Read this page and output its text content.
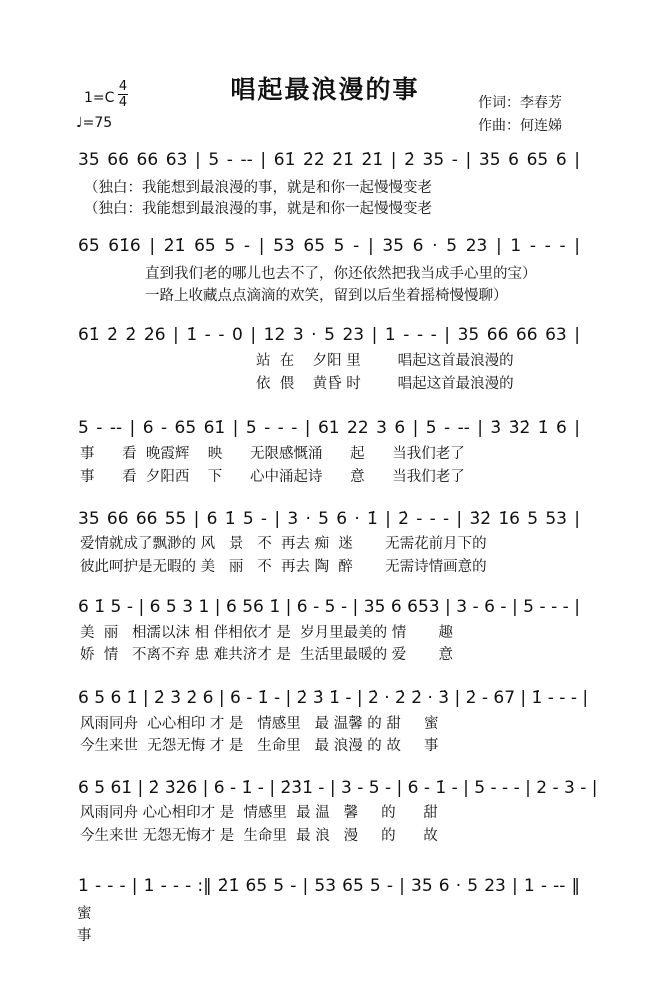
唱起最浪漫的事
1=C
4
4
♩=75
作词：李春芳
作曲：何连娣
35 66 66 63 | 5 - -- | 61̇ 2̇2̇ 2̇1̇ 2̇1̇ | 2̇ 35 - | 35 6 65 6 |
（独白：我能想到最浪漫的事，就是和你一起慢慢变老
（独白：我能想到最浪漫的事，就是和你一起慢慢变老
65 61̇6 | 2̇1̇ 65 5 - | 53 65 5 - | 35 6 · 5 23 | 1 - - - |
直到我们老的哪儿也去不了，你还依然把我当成手心里的宝）
一路上收藏点点滴滴的欢笑，留到以后坐着摇椅慢慢聊）
61̇ 2̇ 2̇ 2̇6 | 1̇ - - 0 | 12 3 · 5 23 | 1 - - - | 35 66 66 63 |
站  在    夕阳 里        唱起这首最浪漫的
依  偎    黄昏 时        唱起这首最浪漫的
5 - -- | 6 - 65 61̇ | 5 - - - | 61 22 3 6 | 5 - -- | 3̇ 3̇2̇ 1̇ 6 |
事      看  晚霞辉    映      无限感慨涌      起      当我们老了
事      看  夕阳西    下      心中涌起诗      意      当我们老了
35 66 66 55 | 6 1̇ 5 - | 3 · 5 6 · 1̇ | 2̇ - - - | 3̇2̇ 1̇6 5 53 |
爱情就成了飘渺的 风   景   不  再去 痴  迷       无需花前月下的
彼此呵护是无暇的 美   丽   不  再去 陶  醉       无需诗情画意的
6 1̇ 5 - | 6 5 3 1 | 6 56 1̇ | 6 - 5 - | 35 6 653 | 3 - 6 - | 5 - - - |
美  丽   相濡以沫 相 伴相依才 是  岁月里最美的 情       趣
娇  情   不离不弃 患 难共济才 是  生活里最暖的 爱       意
6 5 6 1̇ | 2̇ 3̇ 2̇ 6 | 6 - 1̇ - | 2̇ 3̇ 1̇ - | 2̇ · 2̇ 2̇ · 3̇ | 2̇ - 67 | 1̇ - - - |
风雨同舟  心心相印 才 是   情感里   最 温馨 的 甜     蜜
今生来世  无怨无悔 才 是   生命里   最 浪漫 的 故     事
6 5 61̇ | 2̇ 3̇2̇6 | 6 - 1̇ - | 2̇3̇1̇ - | 3 - 5 - | 6 - 1̇ - | 5 - - - | 2 - 3 - |
风雨同舟 心心相印才 是  情感里  最 温   馨     的      甜
今生来世 无怨无悔才 是  生命里  最 浪   漫     的      故
1 - - - | 1 - - - :‖ 2̇1̇ 65 5 - | 53 65 5 - | 35 6 · 5 23 | 1 - -- ‖
蜜
事
